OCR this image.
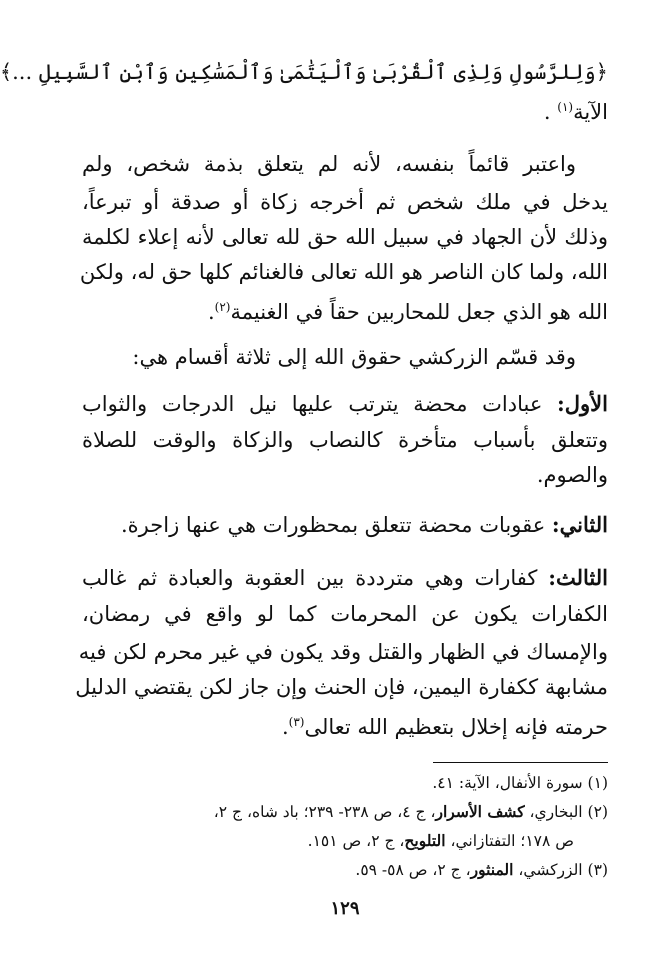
﴿وَلِلرَّسُولِ وَلِذِى ٱلْقُرْبَىٰ وَٱلْيَتَٰمَىٰ وَٱلْمَسَٰكِينِ وَٱبْنِ ٱلسَّبِيلِ ...﴾
الآية$^{(١)}$ .
واعتبر قائماً بنفسه، لأنه لم يتعلق بذمة شخص، ولم
يدخل في ملك شخص ثم أخرجه زكاة أو صدقة أو تبرعاً،
وذلك لأن الجهاد في سبيل الله حق لله تعالى لأنه إعلاء لكلمة
الله، ولما كان الناصر هو الله تعالى فالغنائم كلها حق له، ولكن
الله هو الذي جعل للمحاربين حقاً في الغنيمة$^{(٢)}$.
وقد قسّم الزركشي حقوق الله إلى ثلاثة أقسام هي:
الأول: عبادات محضة يترتب عليها نيل الدرجات والثواب
وتتعلق بأسباب متأخرة كالنصاب والزكاة والوقت للصلاة
والصوم.
الثاني: عقوبات محضة تتعلق بمحظورات هي عنها زاجرة.
الثالث: كفارات وهي مترددة بين العقوبة والعبادة ثم غالب
الكفارات يكون عن المحرمات كما لو واقع في رمضان،
والإمساك في الظهار والقتل وقد يكون في غير محرم لكن فيه
مشابهة ككفارة اليمين، فإن الحنث وإن جاز لكن يقتضي الدليل
حرمته فإنه إخلال بتعظيم الله تعالى$^{(٣)}$.
(١) سورة الأنفال، الآية: ٤١.
(٢) البخاري، كشف الأسرار، ج ٤، ص ٢٣٨- ٢٣٩؛ باد شاه، ج ٢،
ص ١٧٨؛ التفتازاني، التلويح، ج ٢، ص ١٥١.
(٣) الزركشي، المنثور، ج ٢، ص ٥٨- ٥٩.
١٢٩
